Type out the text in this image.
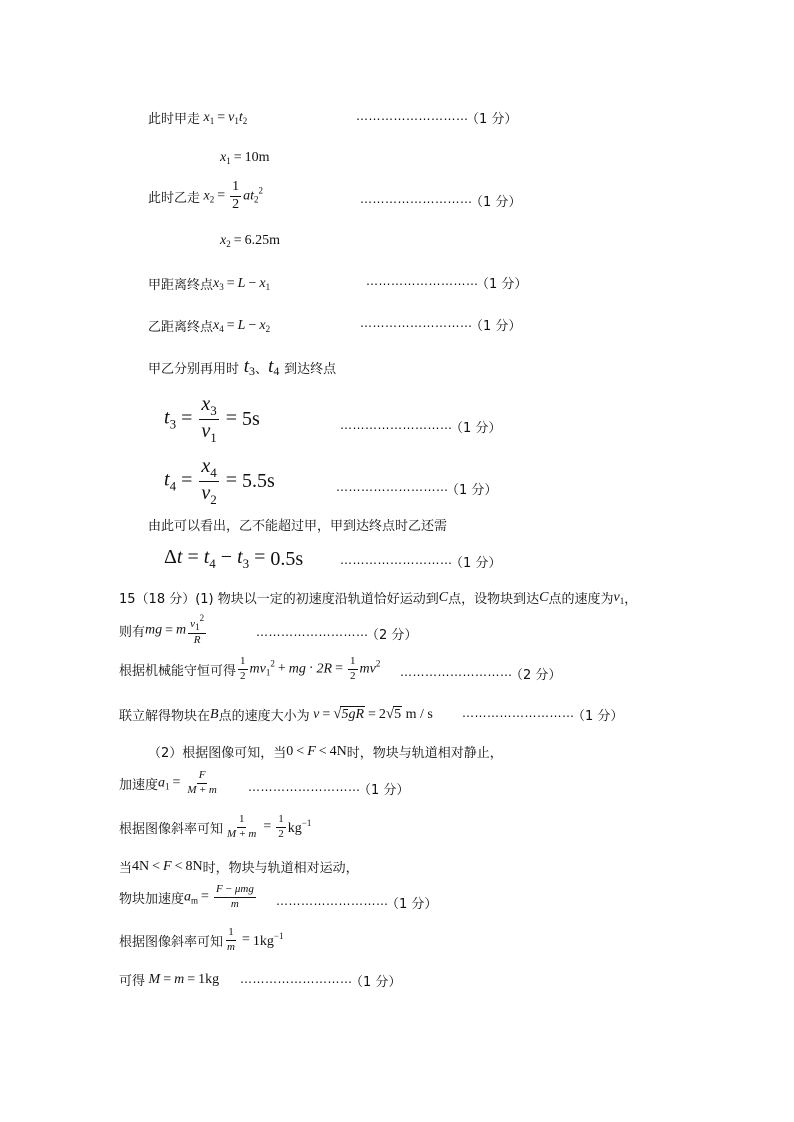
此时甲走 $x_1 = v_1t_2$	………………………
（1 分）
$x_1 = 10m$
此时乙走 $x_2 = \frac{1}{2} at_2^2$
………………………
（1 分）
$x_2 = 6.25m$
甲距离终点 $x_3 = L - x_1$	………………………
（1 分）
乙距离终点 $x_4 = L - x_2$	………………………
（1 分）
甲乙分别再用时 $t_3$ 、 $t_4$ 到达终点
$t_3 = \frac{x_3}{v_1} = 5s$	………………………
（1 分）
$t_4 = \frac{x_4}{v_2} = 5.5s$	………………………
（1 分）
由此可以看出，乙不能超过甲，甲到达终点时乙还需
$\Delta t = t_4 - t_3 = 0.5s$	………………………
（1 分）
15（18 分）(1) 物块以一定的初速度沿轨道恰好运动到 C 点，设物块到达 C 点的速度为 $v_1$ ，
则有 mg = m $\frac{v_1^2}{R}$	………………………
（2 分）
根据机械能守恒可得 $\frac{1}{2} mv_1^2$ + mg · $2R = \frac{1}{2} mv^2$
………………………
（2 分）
联立解得物块在 B 点的速度大小为 v = √5gR = 2√5 m / s ………………………
（1 分）
（2）根据图像可知，当 0 < F < 4N 时，物块与轨道相对静止，
加速度 $a_1 = \frac{F}{M + m}$ ………………………
（1 分）
根据图像斜率可知 $\frac{1}{M + m} = \frac{1}{2} kg^{-1}$
当 4N < F < 8N 时，物块与轨道相对运动，
物块加速度 $a_m = \frac{\text{F − μmg}}{m}$ ………………………
（1 分）
根据图像斜率可知 $\frac{1}{m} = 1kg^{-1}$
可得 M = m = 1kg ………………………
（1 分）
